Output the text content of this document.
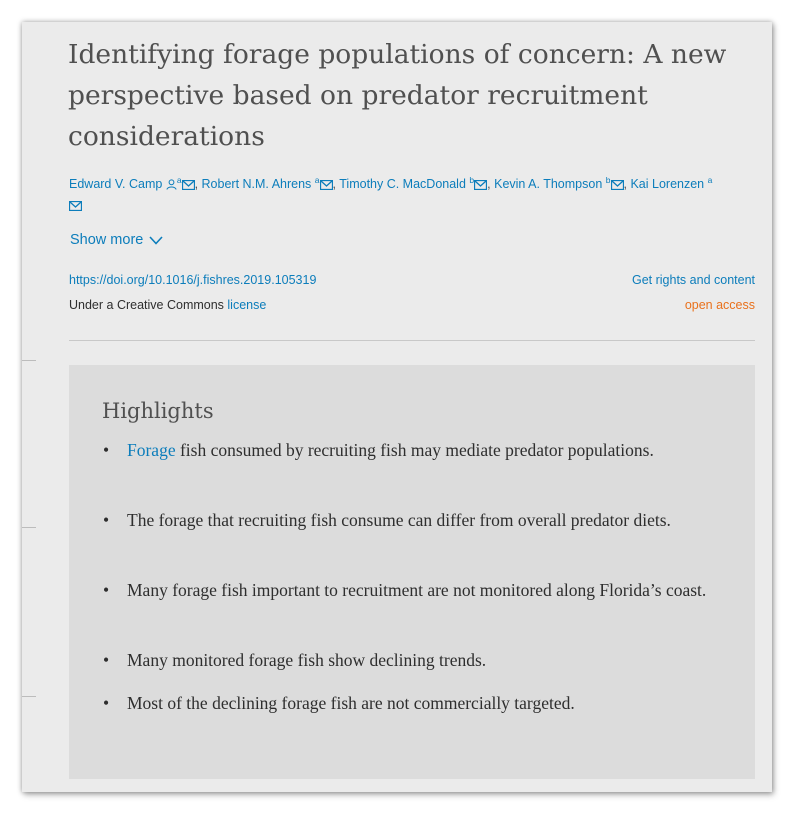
Identifying forage populations of concern: A new perspective based on predator recruitment considerations
Edward V. Camp $^a$ , Robert N.M. Ahrens $^a$ , Timothy C. MacDonald $^b$ , Kevin A. Thompson $^b$ , Kai Lorenzen $^a$

Show more
https://doi.org/10.1016/j.fishres.2019.105319
Under a Creative Commons license
Get rights and content
open access
Highlights
• Forage fish consumed by recruiting fish may mediate predator populations.
• The forage that recruiting fish consume can differ from overall predator diets.
• Many forage fish important to recruitment are not monitored along Florida’s coast.
• Many monitored forage fish show declining trends.
• Most of the declining forage fish are not commercially targeted.
